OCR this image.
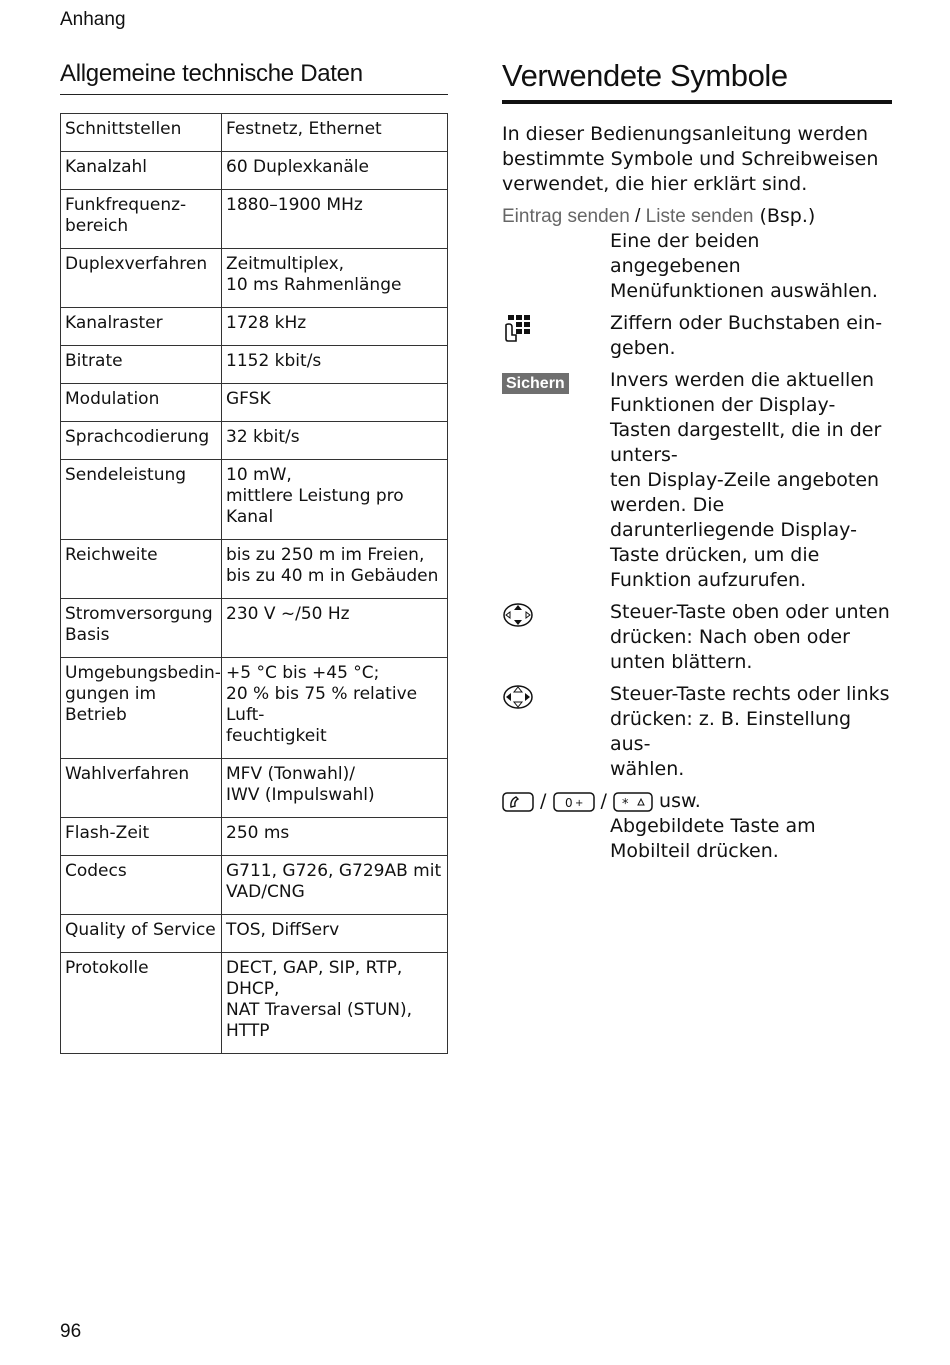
Anhang
Allgemeine technische Daten
Schnittstellen	Festnetz, Ethernet
Kanalzahl	60 Duplexkanäle
Funkfrequenz-
bereich	1880–1900 MHz
Duplexverfahren	Zeitmultiplex,
10 ms Rahmenlänge
Kanalraster	1728 kHz
Bitrate	1152 kbit/s
Modulation	GFSK
Sprachcodierung	32 kbit/s
Sendeleistung	10 mW,
mittlere Leistung pro
Kanal
Reichweite	bis zu 250 m im Freien,
bis zu 40 m in Gebäuden
Stromversorgung
Basis	230 V ~/50 Hz
Umgebungsbedin-
gungen im Betrieb	+5 °C bis +45 °C;
20 % bis 75 % relative Luft-
feuchtigkeit
Wahlverfahren	MFV (Tonwahl)/
IWV (Impulswahl)
Flash-Zeit	250 ms
Codecs	G711, G726, G729AB mit
VAD/CNG
Quality of Service	TOS, DiffServ
Protokolle	DECT, GAP, SIP, RTP, DHCP,
NAT Traversal (STUN),
HTTP
Verwendete Symbole

In dieser Bedienungsanleitung werden bestimmte Symbole und Schreibweisen verwendet, die hier erklärt sind.

Eintrag senden / Liste senden (Bsp.)
Eine der beiden angegebenen Menüfunktionen auswählen.
Ziffern oder Buchstaben ein-
geben.
Sichern	Invers werden die aktuellen Funktionen der Display-Tasten dargestellt, die in der unters-
ten Display-Zeile angeboten werden. Die darunterliegende Display-Taste drücken, um die Funktion aufzurufen.
Steuer-Taste oben oder unten drücken: Nach oben oder unten blättern.
Steuer-Taste rechts oder links drücken: z. B. Einstellung aus-
wählen.
/ 0 + / * usw.
Abgebildete Taste am Mobilteil drücken.
96
